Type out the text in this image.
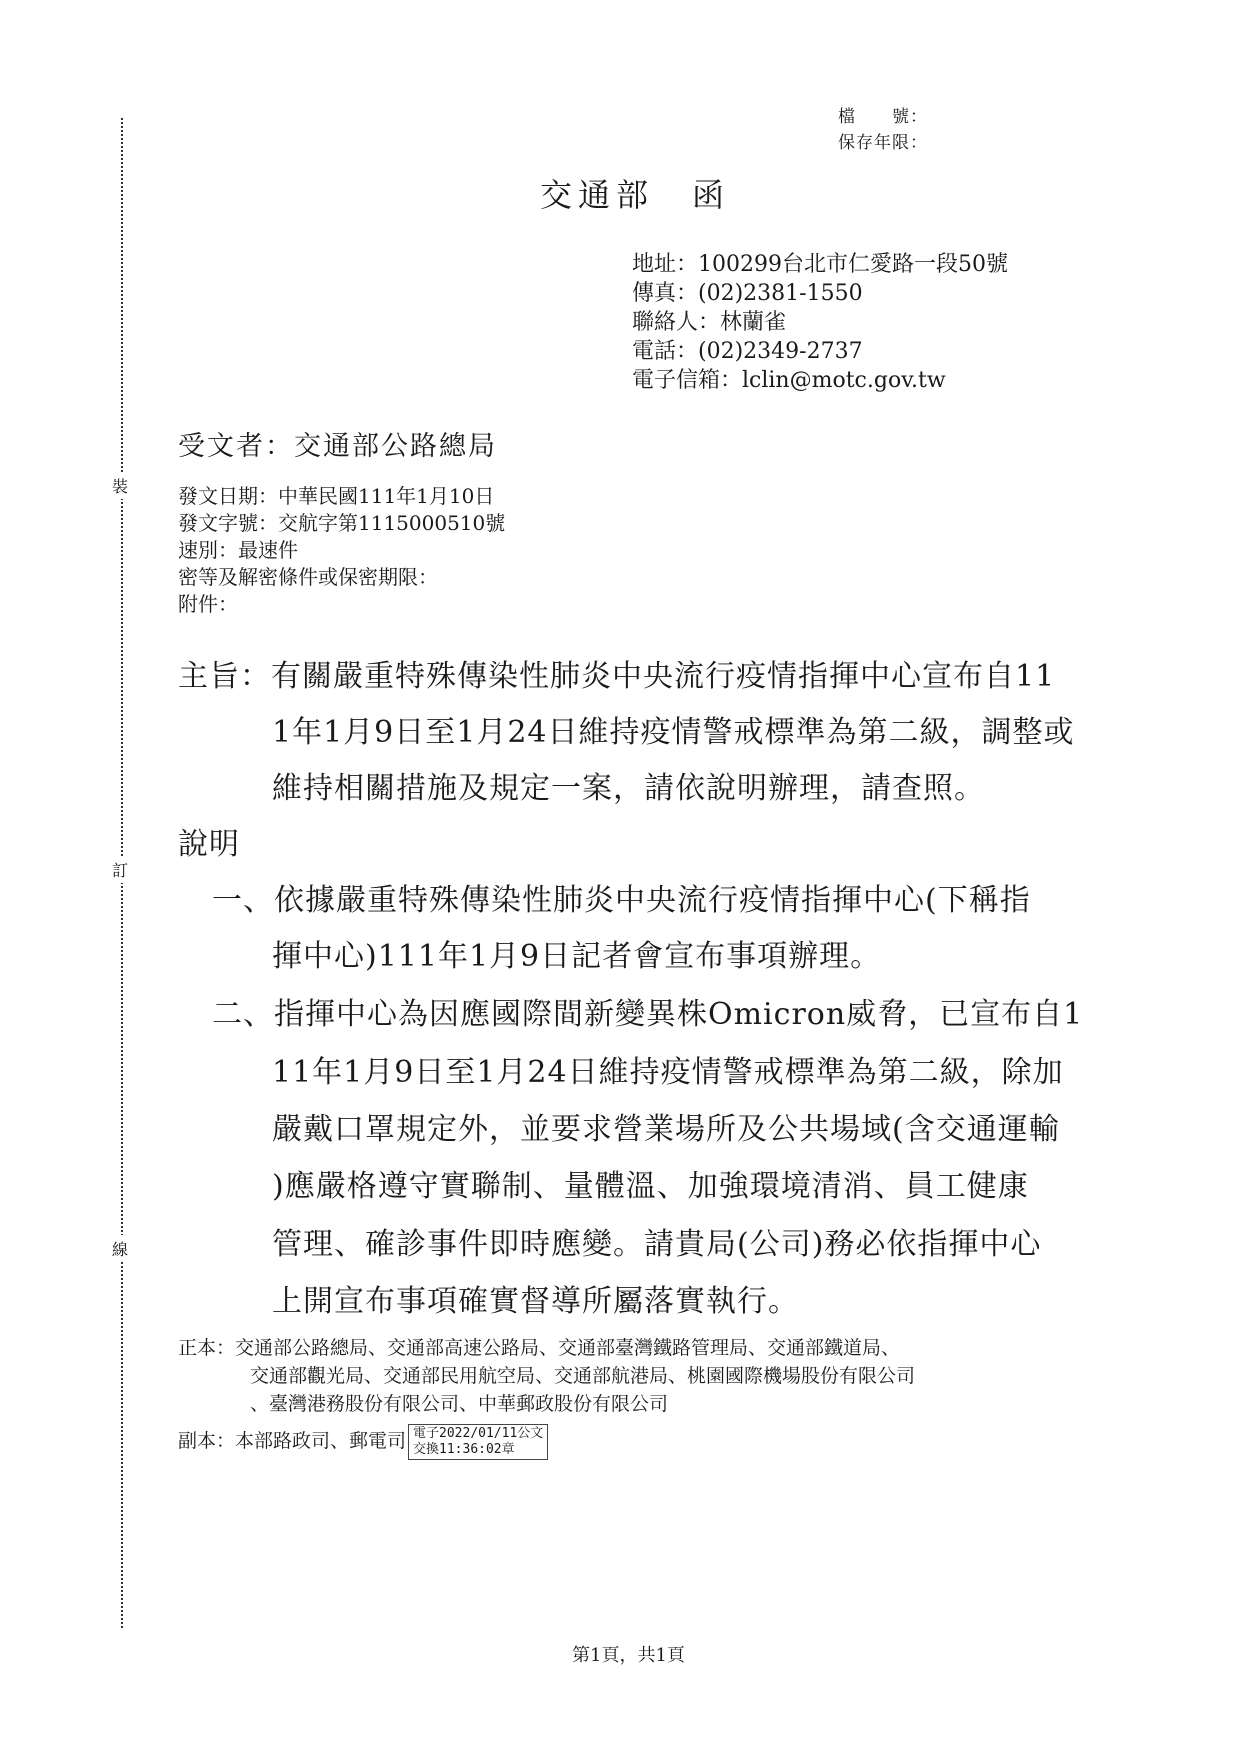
裝
訂
線
檔　　號：
保存年限：
交通部　函
地址：100299台北市仁愛路一段50號
傳真：(02)2381-1550
聯絡人：林蘭雀
電話：(02)2349-2737
電子信箱：lclin@motc.gov.tw
受文者：交通部公路總局
發文日期：中華民國111年1月10日
發文字號：交航字第1115000510號
速別：最速件
密等及解密條件或保密期限：
附件：
主旨：有關嚴重特殊傳染性肺炎中央流行疫情指揮中心宣布自11
1年1月9日至1月24日維持疫情警戒標準為第二級，調整或
維持相關措施及規定一案，請依說明辦理，請查照。
說明
一、依據嚴重特殊傳染性肺炎中央流行疫情指揮中心(下稱指
揮中心)111年1月9日記者會宣布事項辦理。
二、指揮中心為因應國際間新變異株Omicron威脅，已宣布自1
11年1月9日至1月24日維持疫情警戒標準為第二級，除加
嚴戴口罩規定外，並要求營業場所及公共場域(含交通運輸
)應嚴格遵守實聯制、量體溫、加強環境清消、員工健康
管理、確診事件即時應變。請貴局(公司)務必依指揮中心
上開宣布事項確實督導所屬落實執行。
正本：交通部公路總局、交通部高速公路局、交通部臺灣鐵路管理局、交通部鐵道局、
交通部觀光局、交通部民用航空局、交通部航港局、桃園國際機場股份有限公司
、臺灣港務股份有限公司、中華郵政股份有限公司
副本：本部路政司、郵電司 電子2022/01/11公文
交換11:36:02章
第1頁，共1頁
